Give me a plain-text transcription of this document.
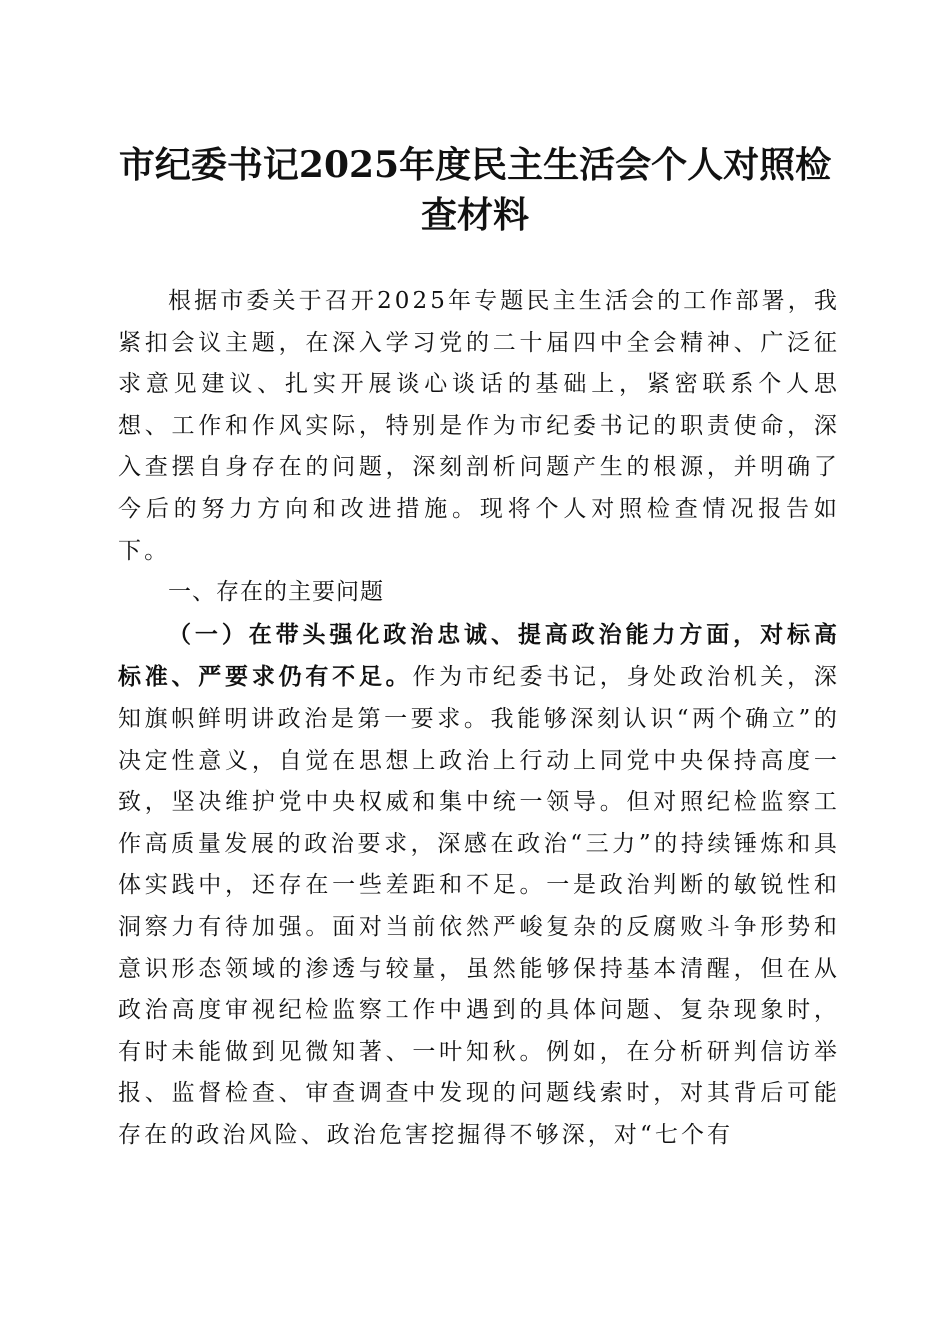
市纪委书记2025年度民主生活会个人对照检
查材料

根据市委关于召开2025年专题民主生活会的工作部署，我紧扣会议主题，在深入学习党的二十届四中全会精神、广泛征求意见建议、扎实开展谈心谈话的基础上，紧密联系个人思想、工作和作风实际，特别是作为市纪委书记的职责使命，深入查摆自身存在的问题，深刻剖析问题产生的根源，并明确了今后的努力方向和改进措施。现将个人对照检查情况报告如下。

一、存在的主要问题

（一）在带头强化政治忠诚、提高政治能力方面，对标高标准、严要求仍有不足。作为市纪委书记，身处政治机关，深知旗帜鲜明讲政治是第一要求。我能够深刻认识“两个确立”的决定性意义，自觉在思想上政治上行动上同党中央保持高度一致，坚决维护党中央权威和集中统一领导。但对照纪检监察工作高质量发展的政治要求，深感在政治“三力”的持续锤炼和具体实践中，还存在一些差距和不足。一是政治判断的敏锐性和洞察力有待加强。面对当前依然严峻复杂的反腐败斗争形势和意识形态领域的渗透与较量，虽然能够保持基本清醒，但在从政治高度审视纪检监察工作中遇到的具体问题、复杂现象时，有时未能做到见微知著、一叶知秋。例如，在分析研判信访举报、监督检查、审查调查中发现的问题线索时，对其背后可能存在的政治风险、政治危害挖掘得不够深，对“七个有
